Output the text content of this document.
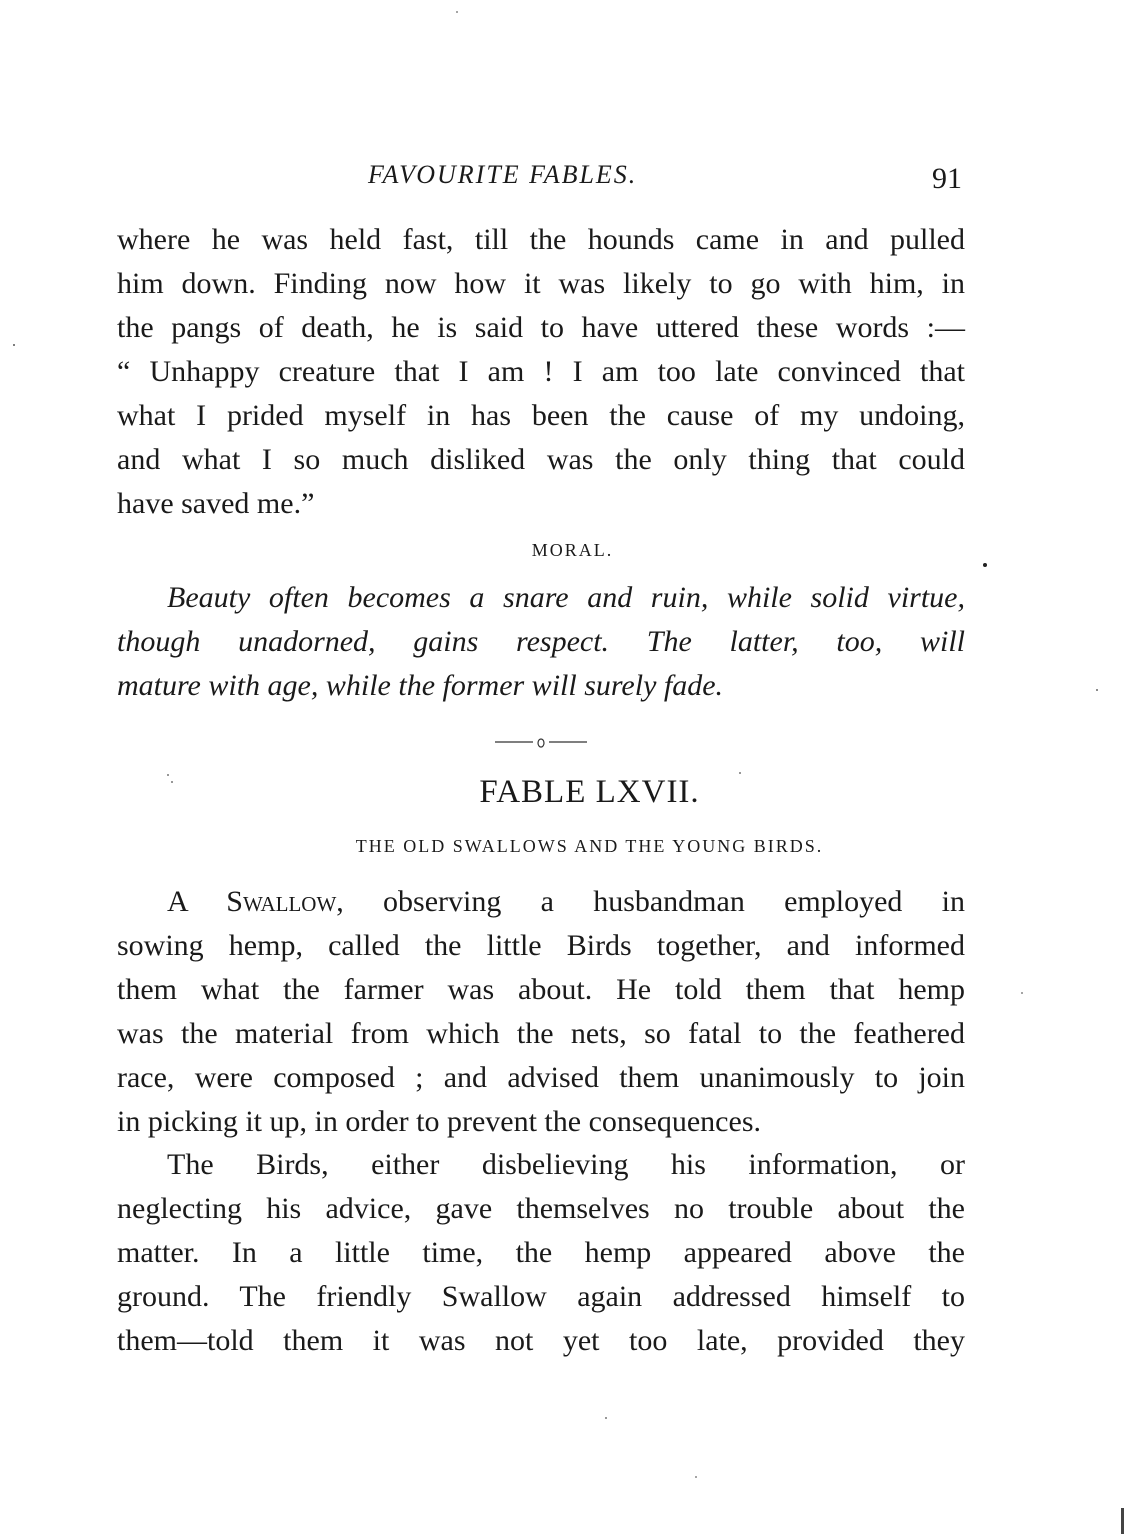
FAVOURITE FABLES.	91
where he was held fast, till the hounds came in and pulled
him down. Finding now how it was likely to go with him, in
the pangs of death, he is said to have uttered these words :—
“ Unhappy creature that I am ! I am too late convinced that
what I prided myself in has been the cause of my undoing,
and what I so much disliked was the only thing that could
have saved me.”
MORAL.
Beauty often becomes a snare and ruin, while solid virtue,
though unadorned, gains respect. The latter, too, will
mature with age, while the former will surely fade.
FABLE LXVII.
THE OLD SWALLOWS AND THE YOUNG BIRDS.
A Swallow, observing a husbandman employed in
sowing hemp, called the little Birds together, and informed
them what the farmer was about. He told them that hemp
was the material from which the nets, so fatal to the feathered
race, were composed ; and advised them unanimously to join
in picking it up, in order to prevent the consequences.
The Birds, either disbelieving his information, or
neglecting his advice, gave themselves no trouble about the
matter. In a little time, the hemp appeared above the
ground. The friendly Swallow again addressed himself to
them—told them it was not yet too late, provided they
